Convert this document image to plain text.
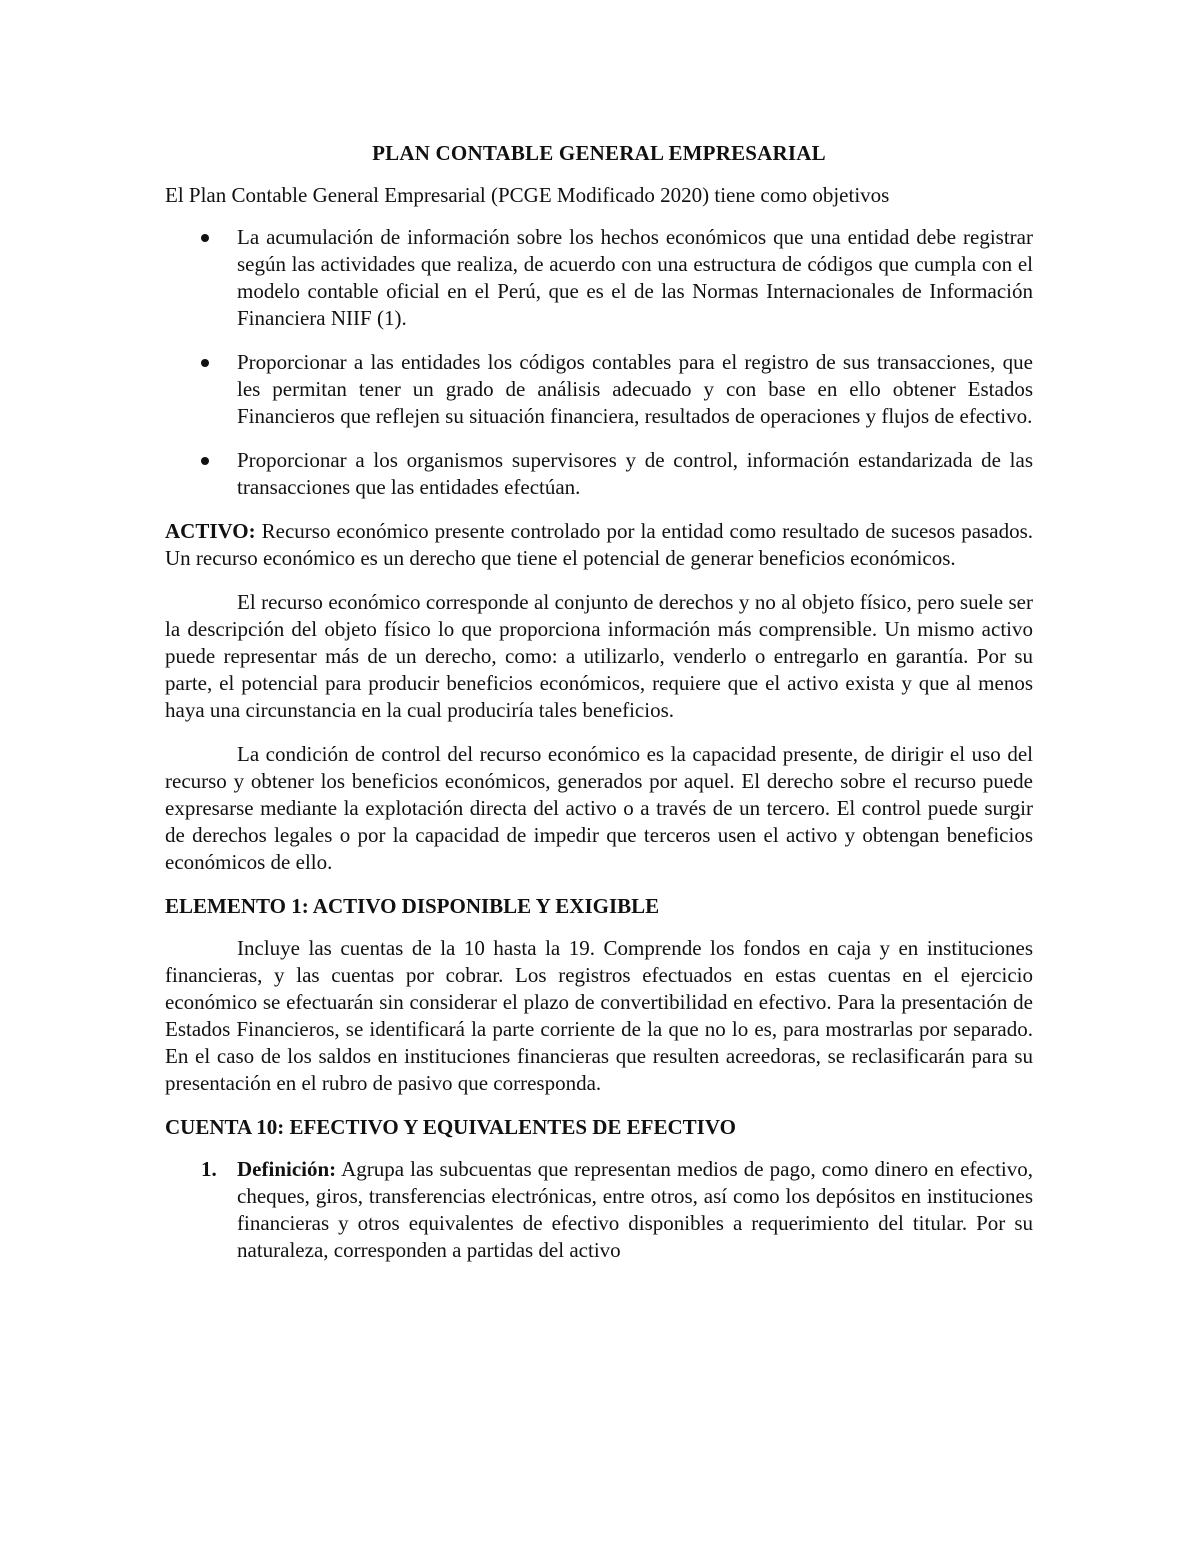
PLAN CONTABLE GENERAL EMPRESARIAL

El Plan Contable General Empresarial (PCGE Modificado 2020) tiene como objetivos

La acumulación de información sobre los hechos económicos que una entidad debe registrar según las actividades que realiza, de acuerdo con una estructura de códigos que cumpla con el modelo contable oficial en el Perú, que es el de las Normas Internacionales de Información Financiera NIIF (1).
Proporcionar a las entidades los códigos contables para el registro de sus transacciones, que les permitan tener un grado de análisis adecuado y con base en ello obtener Estados Financieros que reflejen su situación financiera, resultados de operaciones y flujos de efectivo.
Proporcionar a los organismos supervisores y de control, información estandarizada de las transacciones que las entidades efectúan.

ACTIVO: Recurso económico presente controlado por la entidad como resultado de sucesos pasados. Un recurso económico es un derecho que tiene el potencial de generar beneficios económicos.

El recurso económico corresponde al conjunto de derechos y no al objeto físico, pero suele ser la descripción del objeto físico lo que proporciona información más comprensible. Un mismo activo puede representar más de un derecho, como: a utilizarlo, venderlo o entregarlo en garantía. Por su parte, el potencial para producir beneficios económicos, requiere que el activo exista y que al menos haya una circunstancia en la cual produciría tales beneficios.

La condición de control del recurso económico es la capacidad presente, de dirigir el uso del recurso y obtener los beneficios económicos, generados por aquel. El derecho sobre el recurso puede expresarse mediante la explotación directa del activo o a través de un tercero. El control puede surgir de derechos legales o por la capacidad de impedir que terceros usen el activo y obtengan beneficios económicos de ello.

ELEMENTO 1: ACTIVO DISPONIBLE Y EXIGIBLE

Incluye las cuentas de la 10 hasta la 19. Comprende los fondos en caja y en instituciones financieras, y las cuentas por cobrar. Los registros efectuados en estas cuentas en el ejercicio económico se efectuarán sin considerar el plazo de convertibilidad en efectivo. Para la presentación de Estados Financieros, se identificará la parte corriente de la que no lo es, para mostrarlas por separado. En el caso de los saldos en instituciones financieras que resulten acreedoras, se reclasificarán para su presentación en el rubro de pasivo que corresponda.

CUENTA 10: EFECTIVO Y EQUIVALENTES DE EFECTIVO
1. Definición: Agrupa las subcuentas que representan medios de pago, como dinero en efectivo, cheques, giros, transferencias electrónicas, entre otros, así como los depósitos en instituciones financieras y otros equivalentes de efectivo disponibles a requerimiento del titular. Por su naturaleza, corresponden a partidas del activo
